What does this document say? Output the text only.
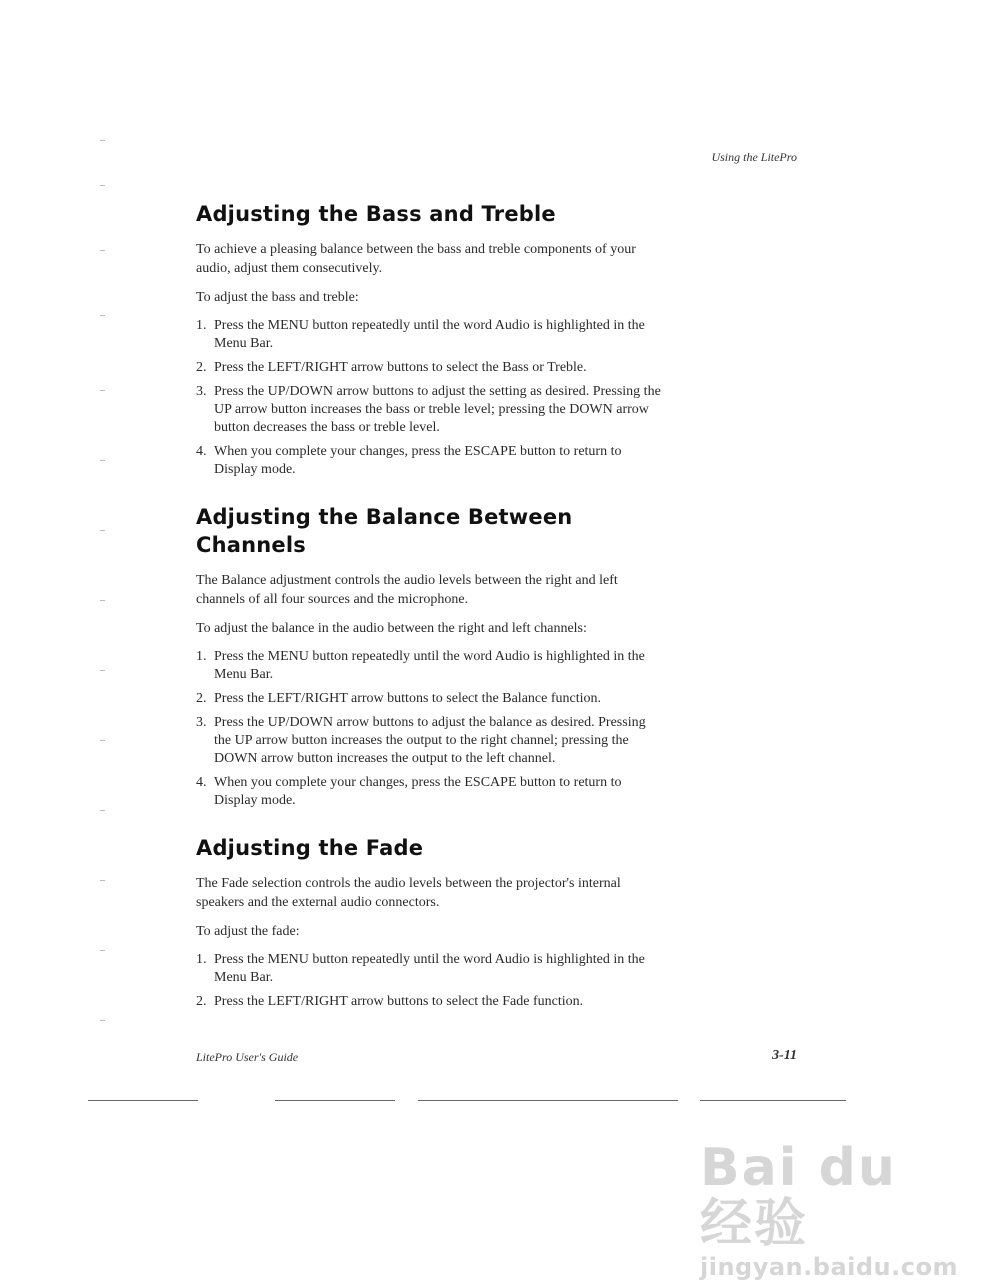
Using the LitePro
Adjusting the Bass and Treble

To achieve a pleasing balance between the bass and treble components of your audio, adjust them consecutively.

To adjust the bass and treble:

1. Press the MENU button repeatedly until the word Audio is highlighted in the Menu Bar.
2. Press the LEFT/RIGHT arrow buttons to select the Bass or Treble.
3. Press the UP/DOWN arrow buttons to adjust the setting as desired. Pressing the UP arrow button increases the bass or treble level; pressing the DOWN arrow button decreases the bass or treble level.
4. When you complete your changes, press the ESCAPE button to return to Display mode.
Adjusting the Balance Between Channels

The Balance adjustment controls the audio levels between the right and left channels of all four sources and the microphone.

To adjust the balance in the audio between the right and left channels:

1. Press the MENU button repeatedly until the word Audio is highlighted in the Menu Bar.
2. Press the LEFT/RIGHT arrow buttons to select the Balance function.
3. Press the UP/DOWN arrow buttons to adjust the balance as desired. Pressing the UP arrow button increases the output to the right channel; pressing the DOWN arrow button increases the output to the left channel.
4. When you complete your changes, press the ESCAPE button to return to Display mode.
Adjusting the Fade

The Fade selection controls the audio levels between the projector's internal speakers and the external audio connectors.

To adjust the fade:

1. Press the MENU button repeatedly until the word Audio is highlighted in the Menu Bar.
2. Press the LEFT/RIGHT arrow buttons to select the Fade function.
LitePro User's Guide	3-11
Bai du 经验
jingyan.baidu.com
